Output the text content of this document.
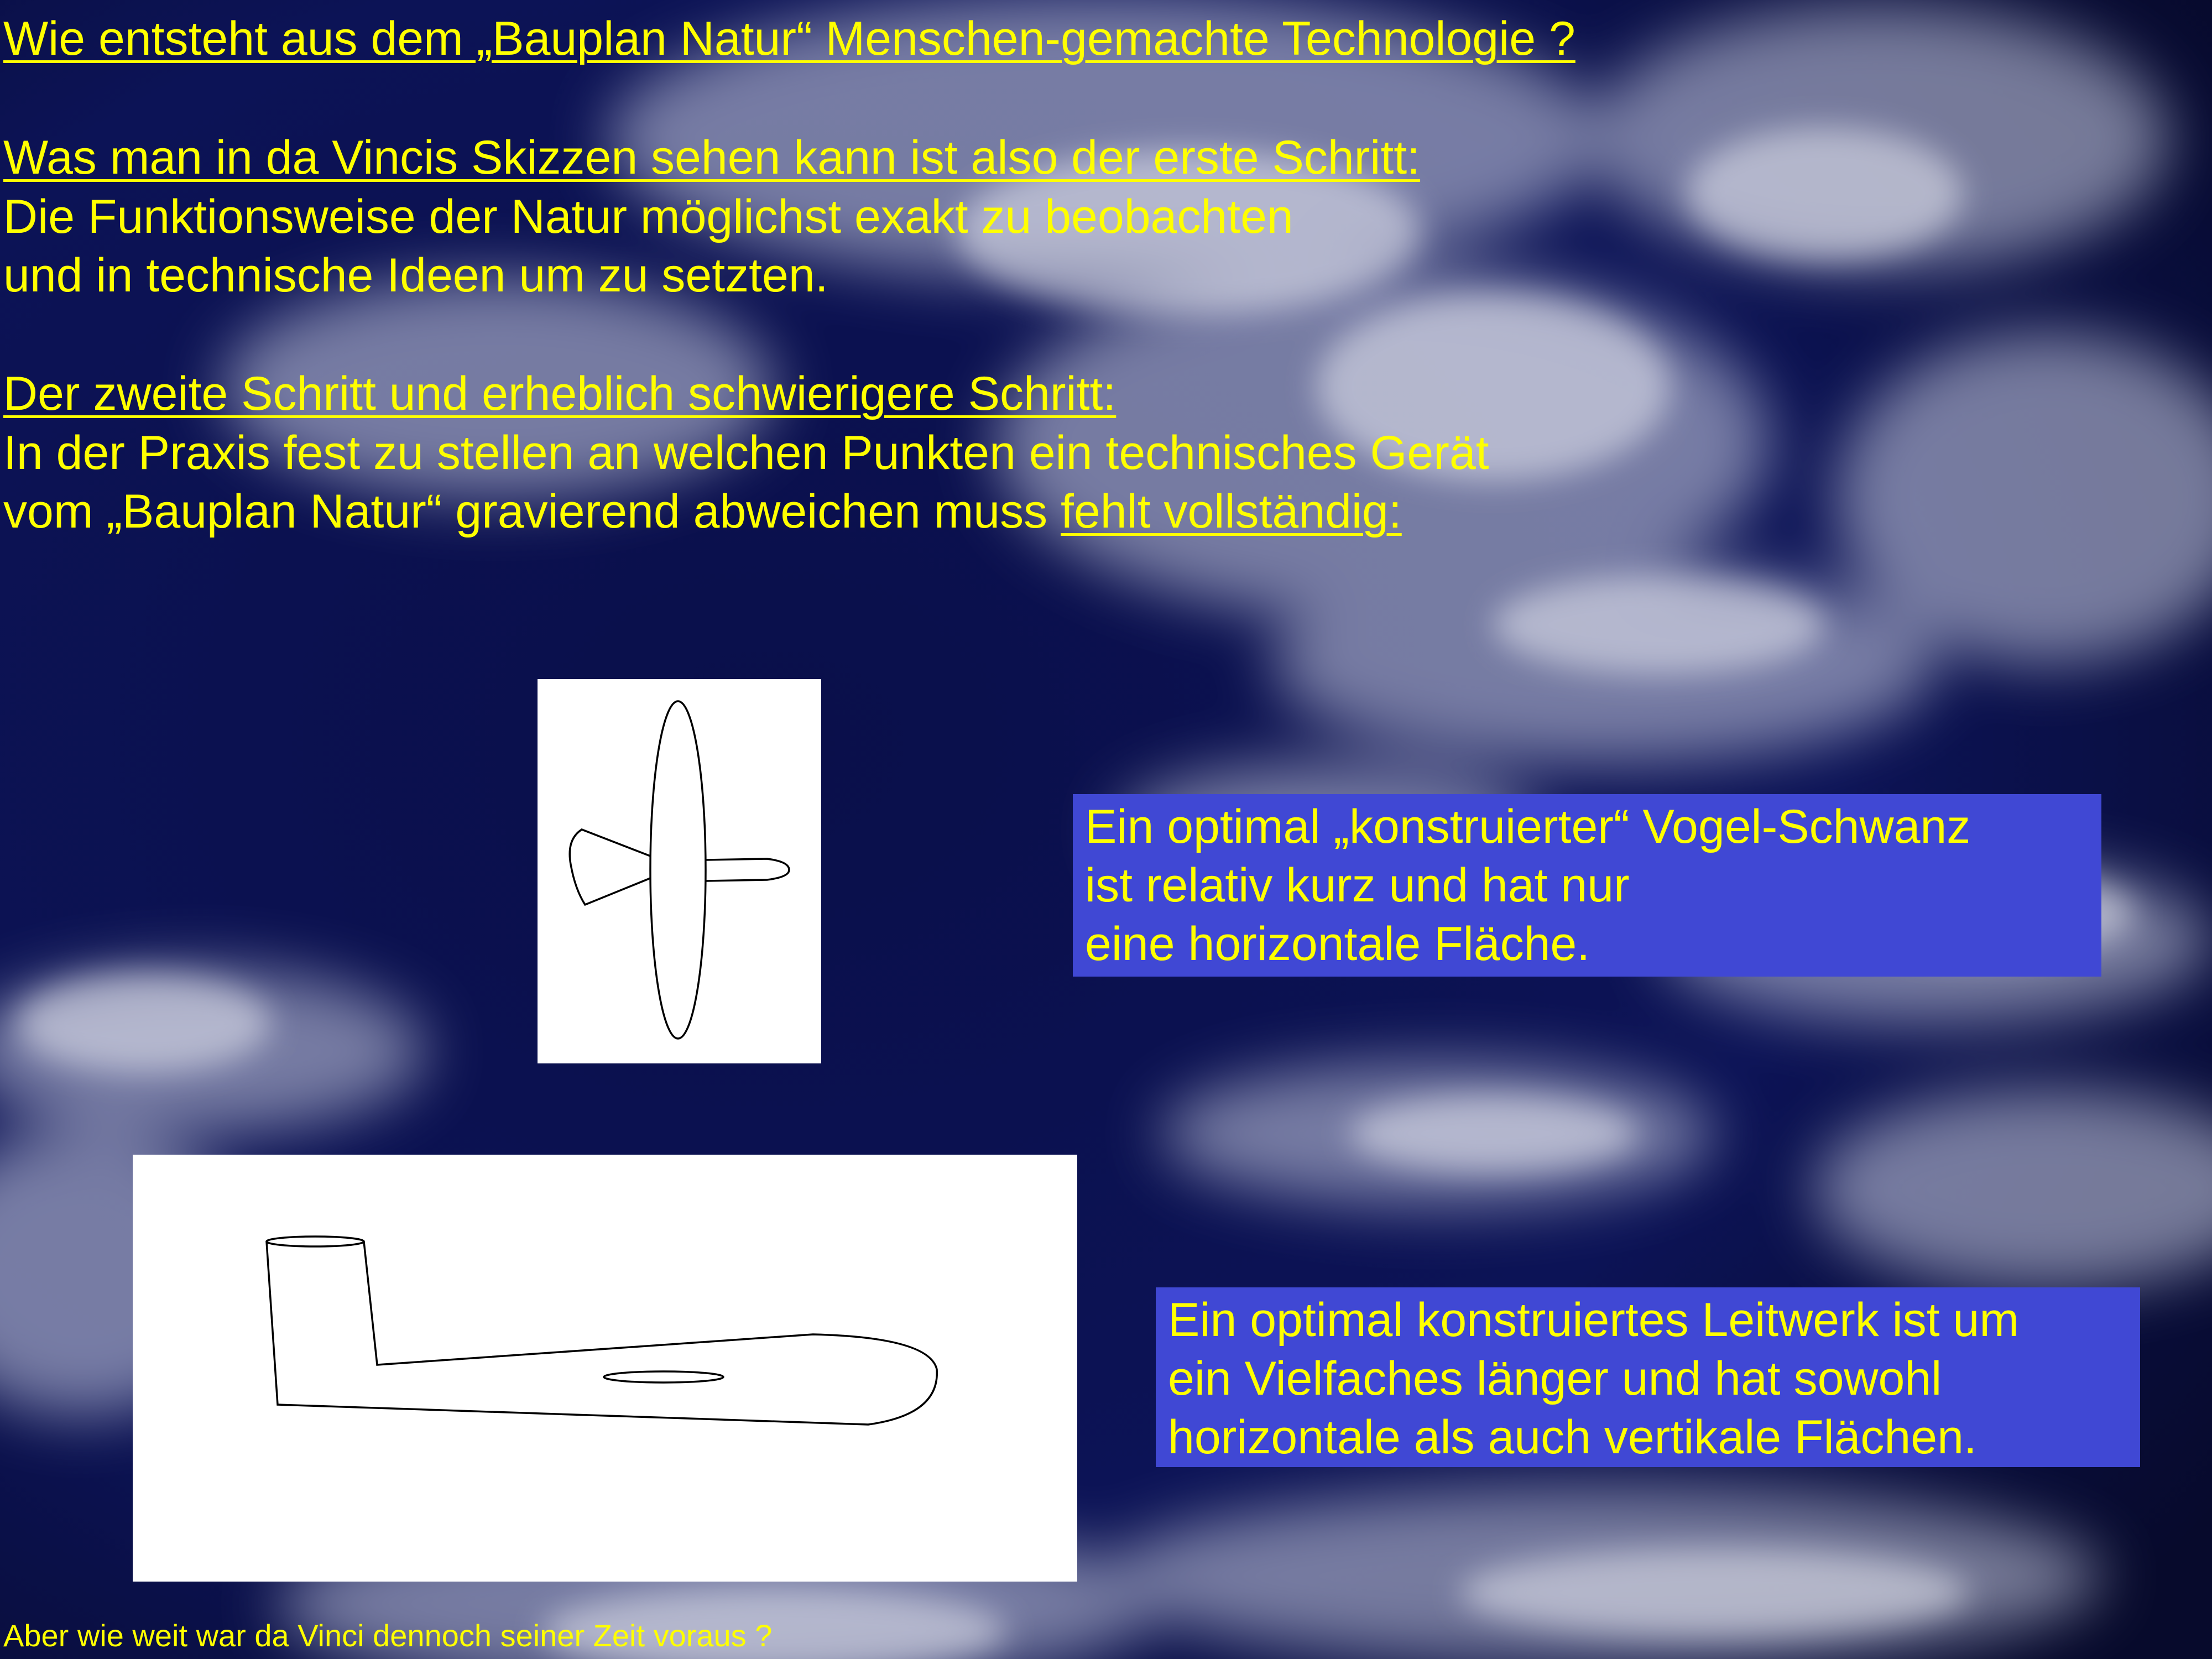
Wie entsteht aus dem „Bauplan Natur“ Menschen-gemachte Technologie ?

Was man in da Vincis Skizzen sehen kann ist also der erste Schritt:

Die Funktionsweise der Natur möglichst exakt zu beobachten

und in technische Ideen um zu setzten.

Der zweite Schritt und erheblich schwierigere Schritt:

In der Praxis fest zu stellen an welchen Punkten ein technisches Gerät

vom „Bauplan Natur“ gravierend abweichen muss fehlt vollständig:

Ein optimal „konstruierter“ Vogel-Schwanz

ist relativ kurz und hat nur

eine horizontale Fläche.

Ein optimal konstruiertes Leitwerk ist um

ein Vielfaches länger und hat sowohl

horizontale als auch vertikale Flächen.

Aber wie weit war da Vinci dennoch seiner Zeit voraus ?
